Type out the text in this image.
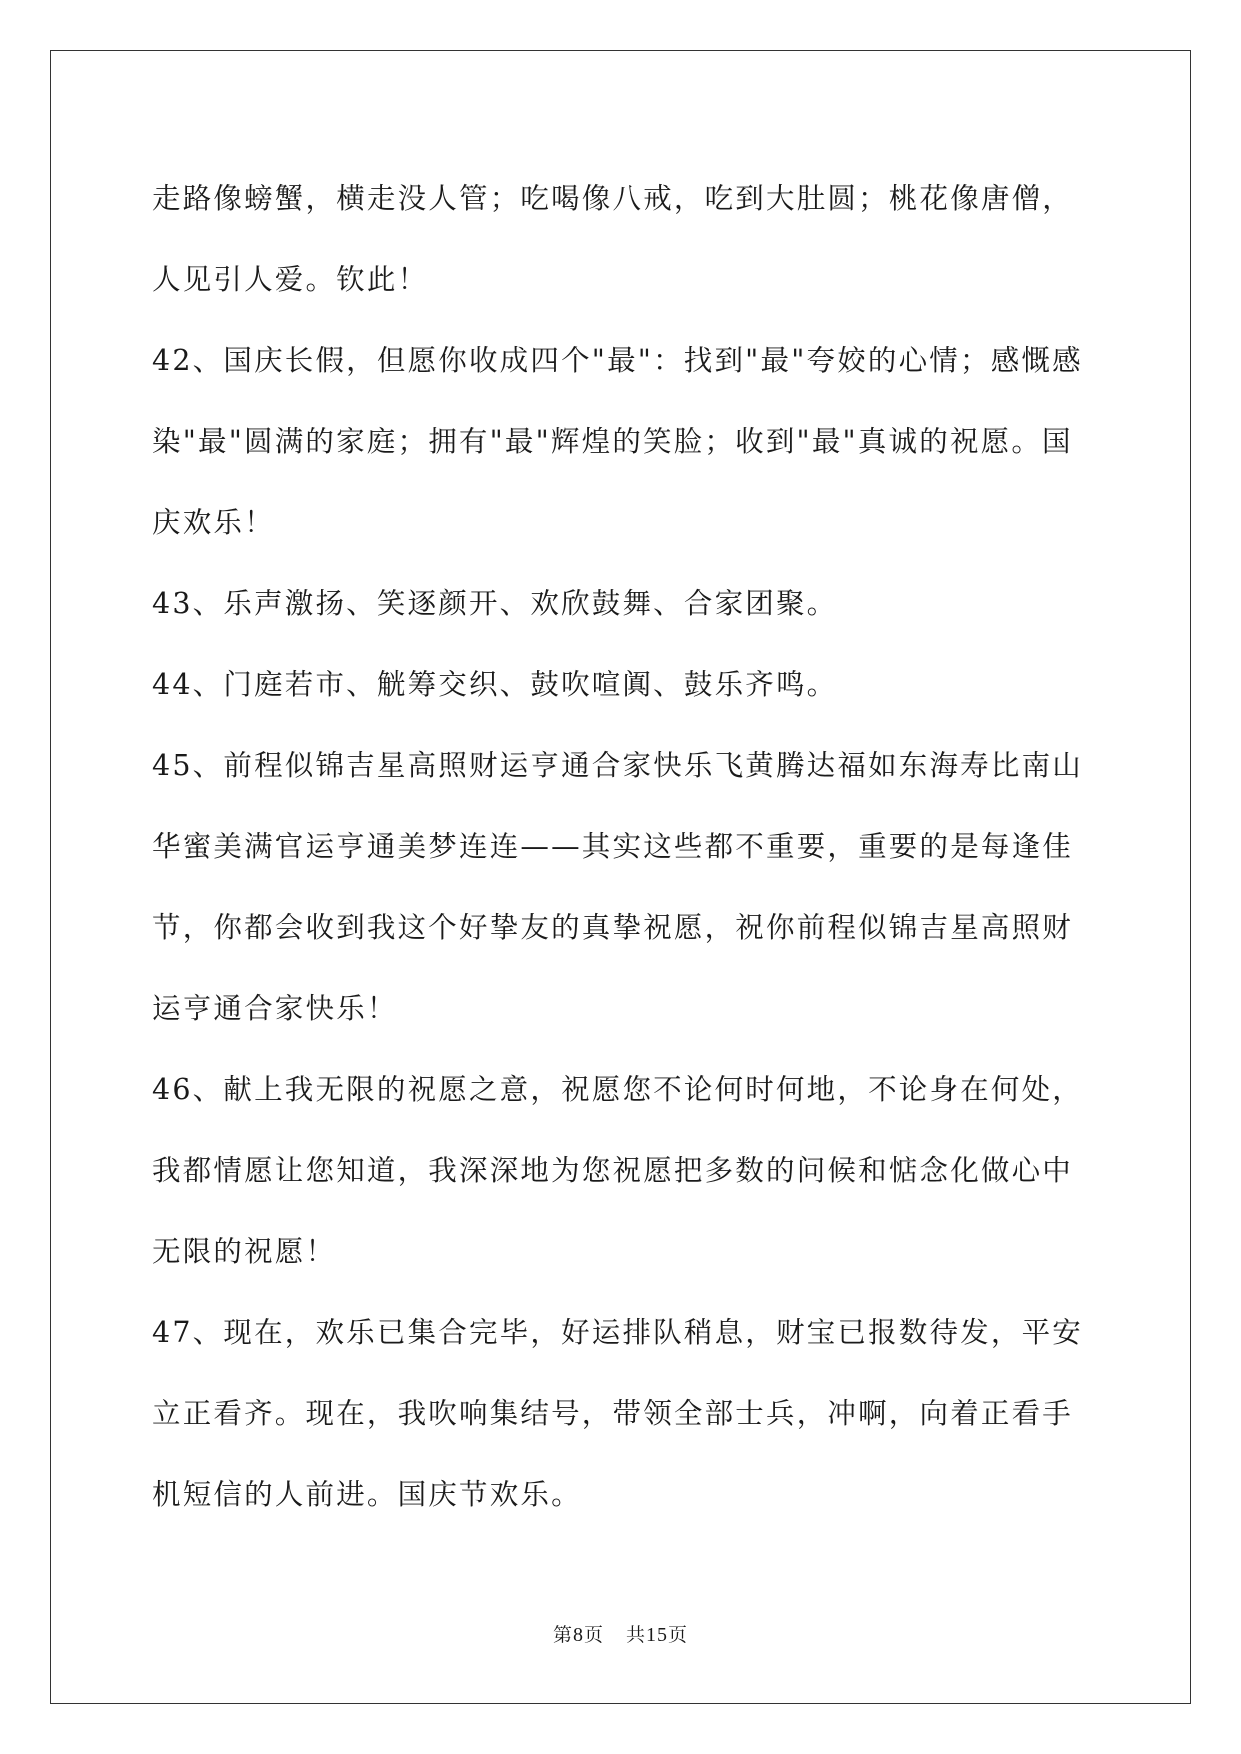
走路像螃蟹，横走没人管；吃喝像八戒，吃到大肚圆；桃花像唐僧，
人见引人爱。钦此！
42、国庆长假，但愿你收成四个"最"：找到"最"夸姣的心情；感慨感
染"最"圆满的家庭；拥有"最"辉煌的笑脸；收到"最"真诚的祝愿。国
庆欢乐！
43、乐声激扬、笑逐颜开、欢欣鼓舞、合家团聚。
44、门庭若市、觥筹交织、鼓吹喧阗、鼓乐齐鸣。
45、前程似锦吉星高照财运亨通合家快乐飞黄腾达福如东海寿比南山
华蜜美满官运亨通美梦连连——其实这些都不重要，重要的是每逢佳
节，你都会收到我这个好挚友的真挚祝愿，祝你前程似锦吉星高照财
运亨通合家快乐！
46、献上我无限的祝愿之意，祝愿您不论何时何地，不论身在何处，
我都情愿让您知道，我深深地为您祝愿把多数的问候和惦念化做心中
无限的祝愿！
47、现在，欢乐已集合完毕，好运排队稍息，财宝已报数待发，平安
立正看齐。现在，我吹响集结号，带领全部士兵，冲啊，向着正看手
机短信的人前进。国庆节欢乐。
第8页 共15页
